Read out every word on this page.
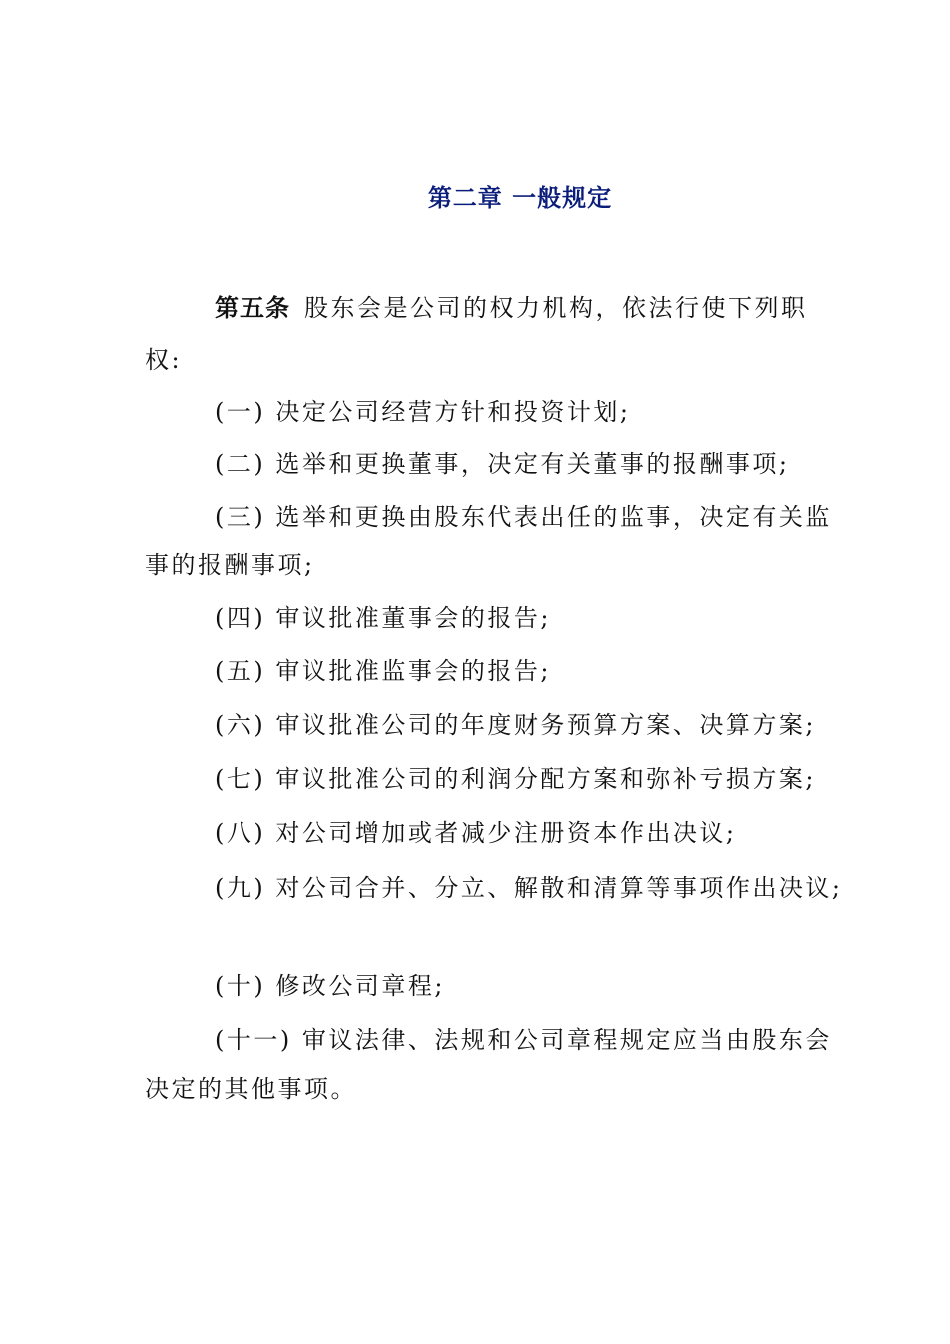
第二章 一般规定
第五条 股东会是公司的权力机构，依法行使下列职
权:
(一) 决定公司经营方针和投资计划;
(二) 选举和更换董事，决定有关董事的报酬事项;
(三) 选举和更换由股东代表出任的监事，决定有关监
事的报酬事项;
(四) 审议批准董事会的报告;
(五) 审议批准监事会的报告;
(六) 审议批准公司的年度财务预算方案、决算方案;
(七) 审议批准公司的利润分配方案和弥补亏损方案;
(八) 对公司增加或者减少注册资本作出决议;
(九) 对公司合并、分立、解散和清算等事项作出决议;
(十) 修改公司章程;
(十一) 审议法律、法规和公司章程规定应当由股东会
决定的其他事项。
